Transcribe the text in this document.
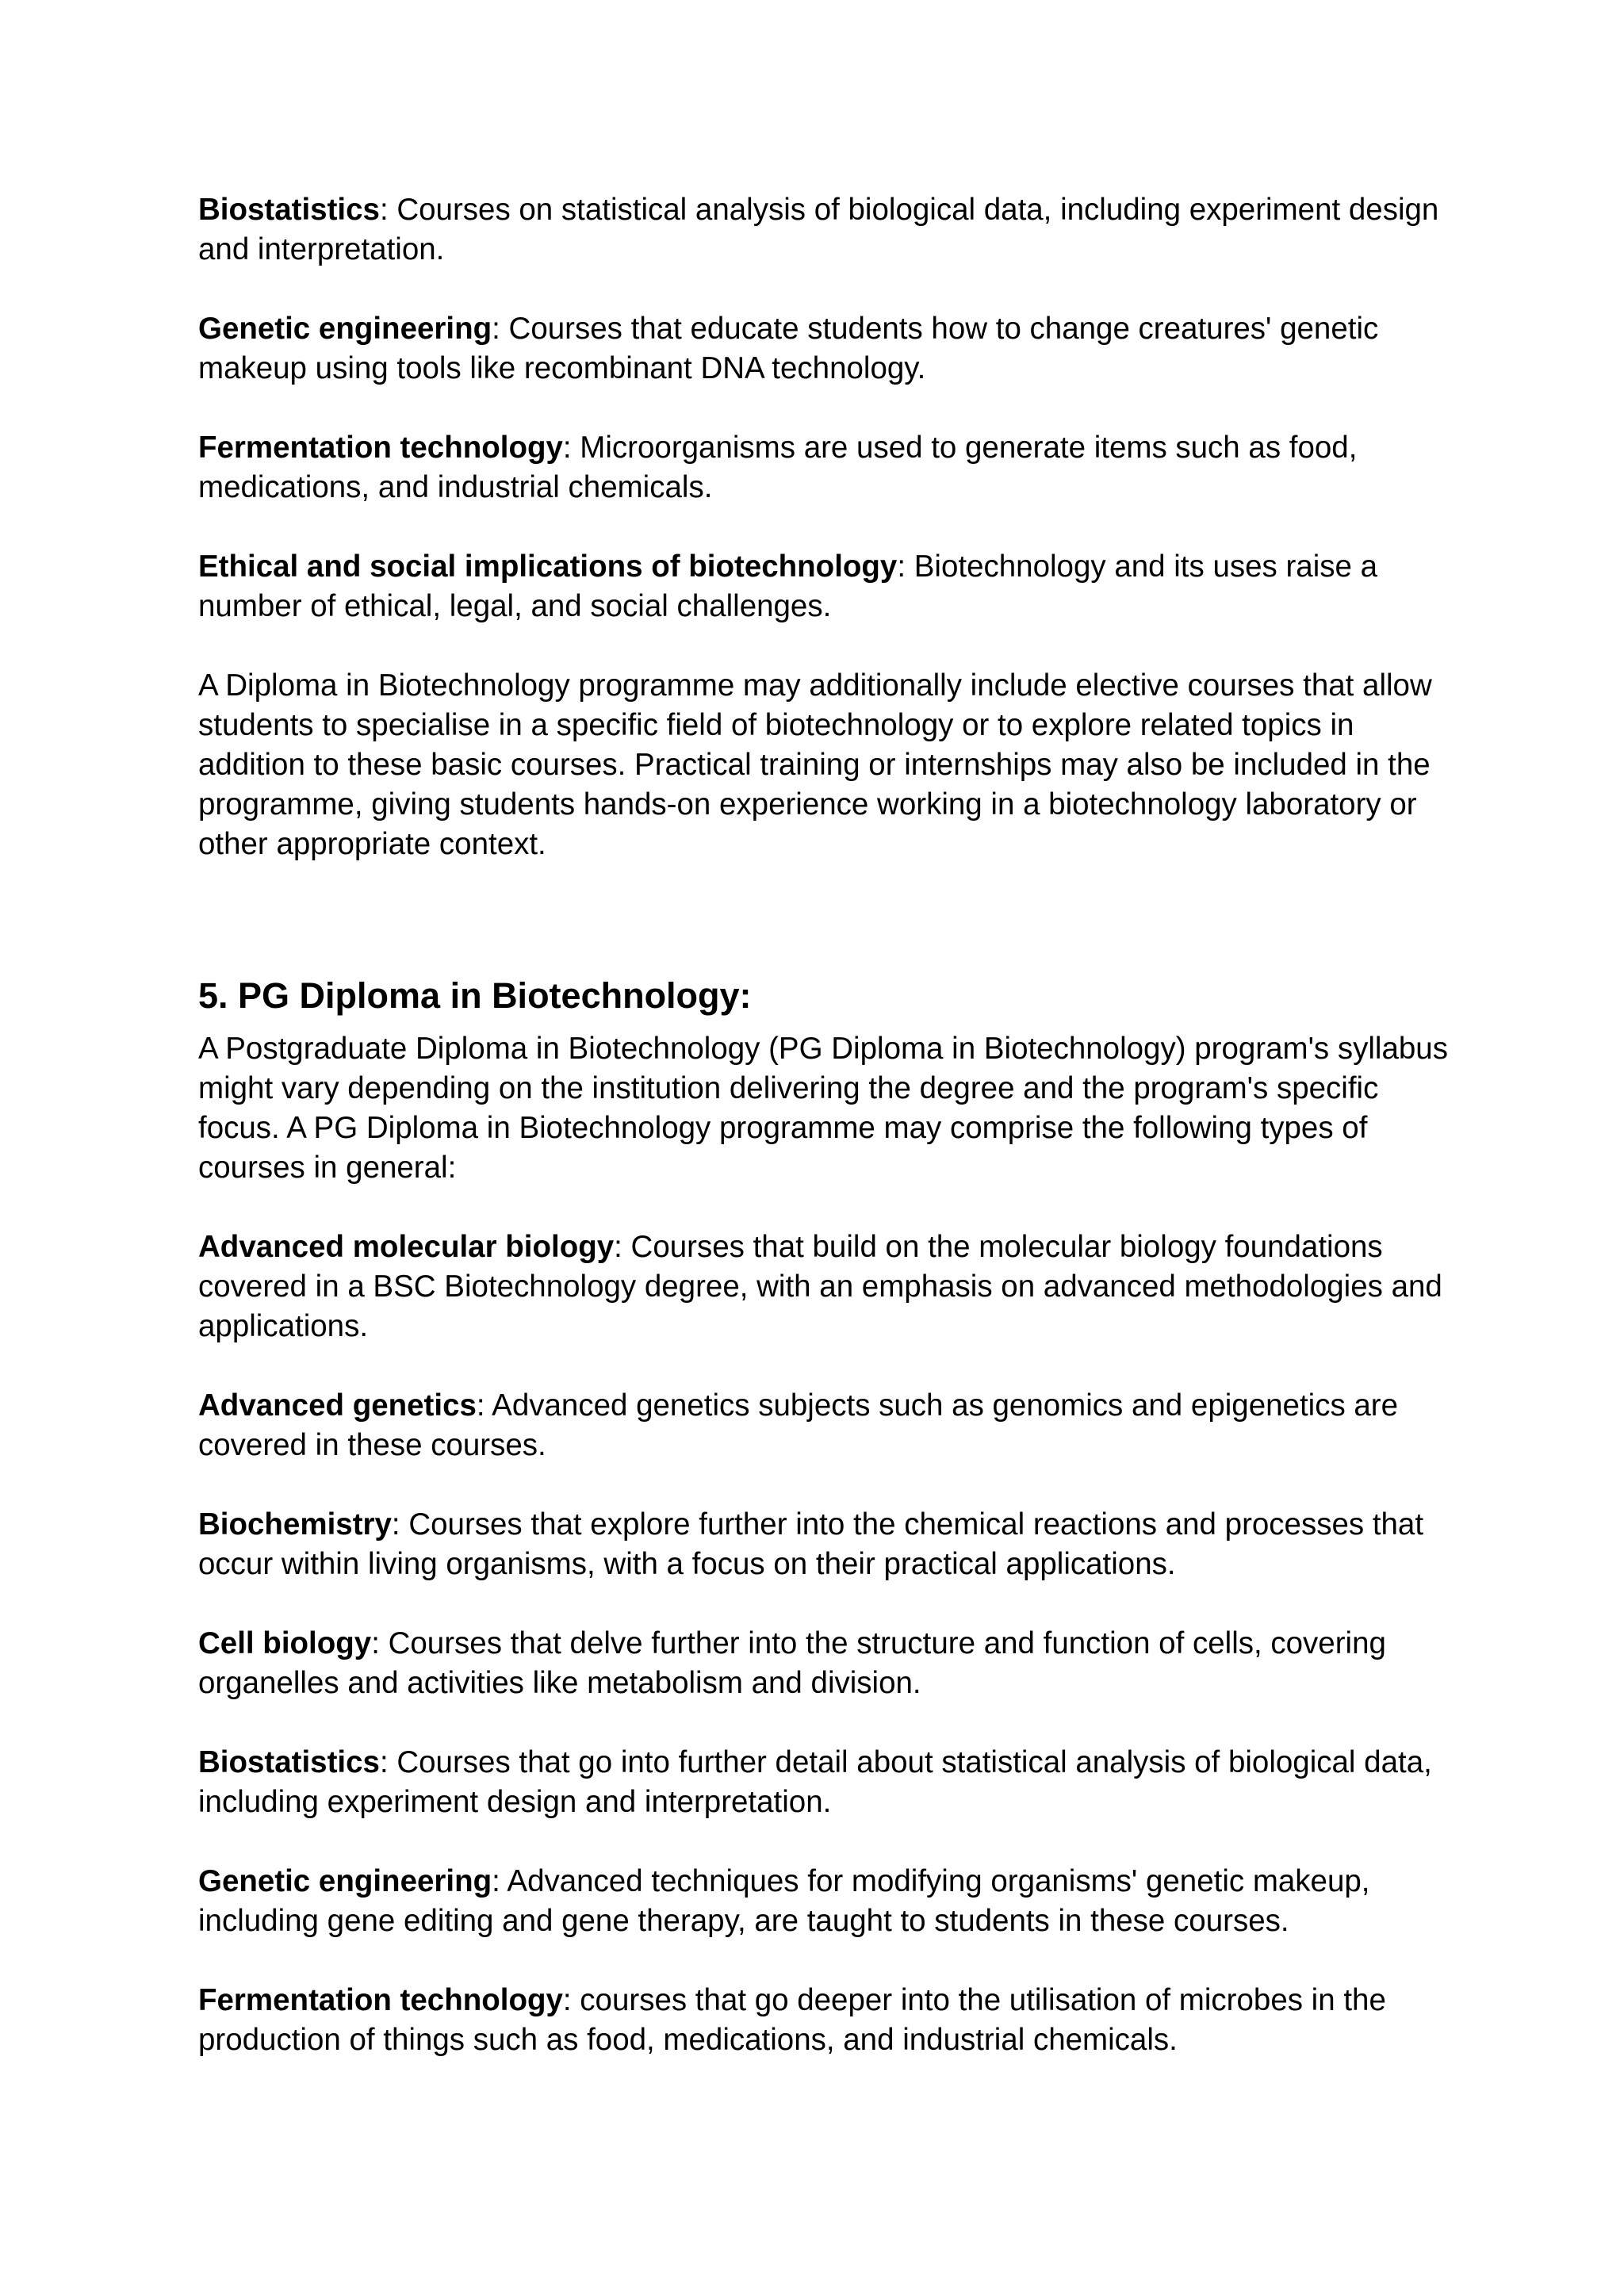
Biostatistics: Courses on statistical analysis of biological data, including experiment design and interpretation.

Genetic engineering: Courses that educate students how to change creatures' genetic makeup using tools like recombinant DNA technology.

Fermentation technology: Microorganisms are used to generate items such as food, medications, and industrial chemicals.

Ethical and social implications of biotechnology: Biotechnology and its uses raise a number of ethical, legal, and social challenges.

A Diploma in Biotechnology programme may additionally include elective courses that allow students to specialise in a specific field of biotechnology or to explore related topics in addition to these basic courses. Practical training or internships may also be included in the programme, giving students hands-on experience working in a biotechnology laboratory or other appropriate context.

5. PG Diploma in Biotechnology:

A Postgraduate Diploma in Biotechnology (PG Diploma in Biotechnology) program's syllabus might vary depending on the institution delivering the degree and the program's specific focus. A PG Diploma in Biotechnology programme may comprise the following types of courses in general:

Advanced molecular biology: Courses that build on the molecular biology foundations covered in a BSC Biotechnology degree, with an emphasis on advanced methodologies and applications.

Advanced genetics: Advanced genetics subjects such as genomics and epigenetics are covered in these courses.

Biochemistry: Courses that explore further into the chemical reactions and processes that occur within living organisms, with a focus on their practical applications.

Cell biology: Courses that delve further into the structure and function of cells, covering organelles and activities like metabolism and division.

Biostatistics: Courses that go into further detail about statistical analysis of biological data, including experiment design and interpretation.

Genetic engineering: Advanced techniques for modifying organisms' genetic makeup, including gene editing and gene therapy, are taught to students in these courses.

Fermentation technology: courses that go deeper into the utilisation of microbes in the production of things such as food, medications, and industrial chemicals.
